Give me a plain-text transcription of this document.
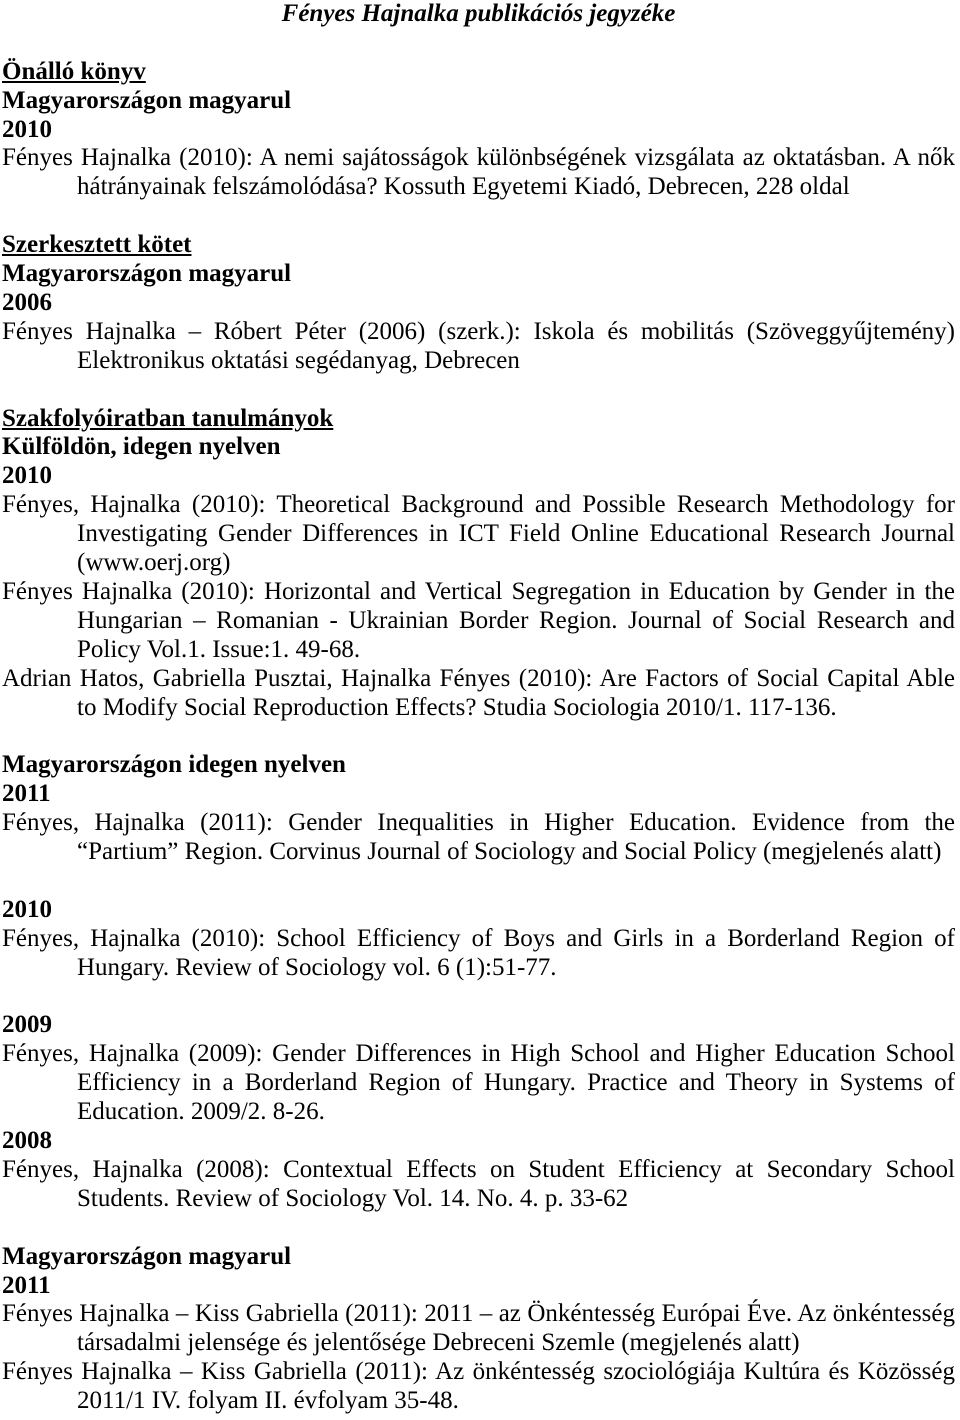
Fényes Hajnalka publikációs jegyzéke
Önálló könyv
Magyarországon magyarul
2010

Fényes Hajnalka (2010): A nemi sajátosságok különbségének vizsgálata az oktatásban. A nők hátrányainak felszámolódása? Kossuth Egyetemi Kiadó, Debrecen, 228 oldal

Szerkesztett kötet
Magyarországon magyarul
2006

Fényes Hajnalka – Róbert Péter (2006) (szerk.): Iskola és mobilitás (Szöveggyűjtemény) Elektronikus oktatási segédanyag, Debrecen

Szakfolyóiratban tanulmányok
Külföldön, idegen nyelven
2010

Fényes, Hajnalka (2010): Theoretical Background and Possible Research Methodology for Investigating Gender Differences in ICT Field Online Educational Research Journal (www.oerj.org)

Fényes Hajnalka (2010): Horizontal and Vertical Segregation in Education by Gender in the Hungarian – Romanian - Ukrainian Border Region. Journal of Social Research and Policy Vol.1. Issue:1. 49-68.

Adrian Hatos, Gabriella Pusztai, Hajnalka Fényes (2010): Are Factors of Social Capital Able to Modify Social Reproduction Effects? Studia Sociologia 2010/1. 117-136.

Magyarországon idegen nyelven
2011

Fényes, Hajnalka (2011): Gender Inequalities in Higher Education. Evidence from the “Partium” Region. Corvinus Journal of Sociology and Social Policy (megjelenés alatt)

2010

Fényes, Hajnalka (2010): School Efficiency of Boys and Girls in a Borderland Region of Hungary. Review of Sociology vol. 6 (1):51-77.

2009

Fényes, Hajnalka (2009): Gender Differences in High School and Higher Education School Efficiency in a Borderland Region of Hungary. Practice and Theory in Systems of Education. 2009/2. 8-26.

2008

Fényes, Hajnalka (2008): Contextual Effects on Student Efficiency at Secondary School Students. Review of Sociology Vol. 14. No. 4. p. 33-62

Magyarországon magyarul
2011

Fényes Hajnalka – Kiss Gabriella (2011): 2011 – az Önkéntesség Európai Éve. Az önkéntesség társadalmi jelensége és jelentősége Debreceni Szemle (megjelenés alatt)

Fényes Hajnalka – Kiss Gabriella (2011): Az önkéntesség szociológiája Kultúra és Közösség 2011/1 IV. folyam II. évfolyam 35-48.
